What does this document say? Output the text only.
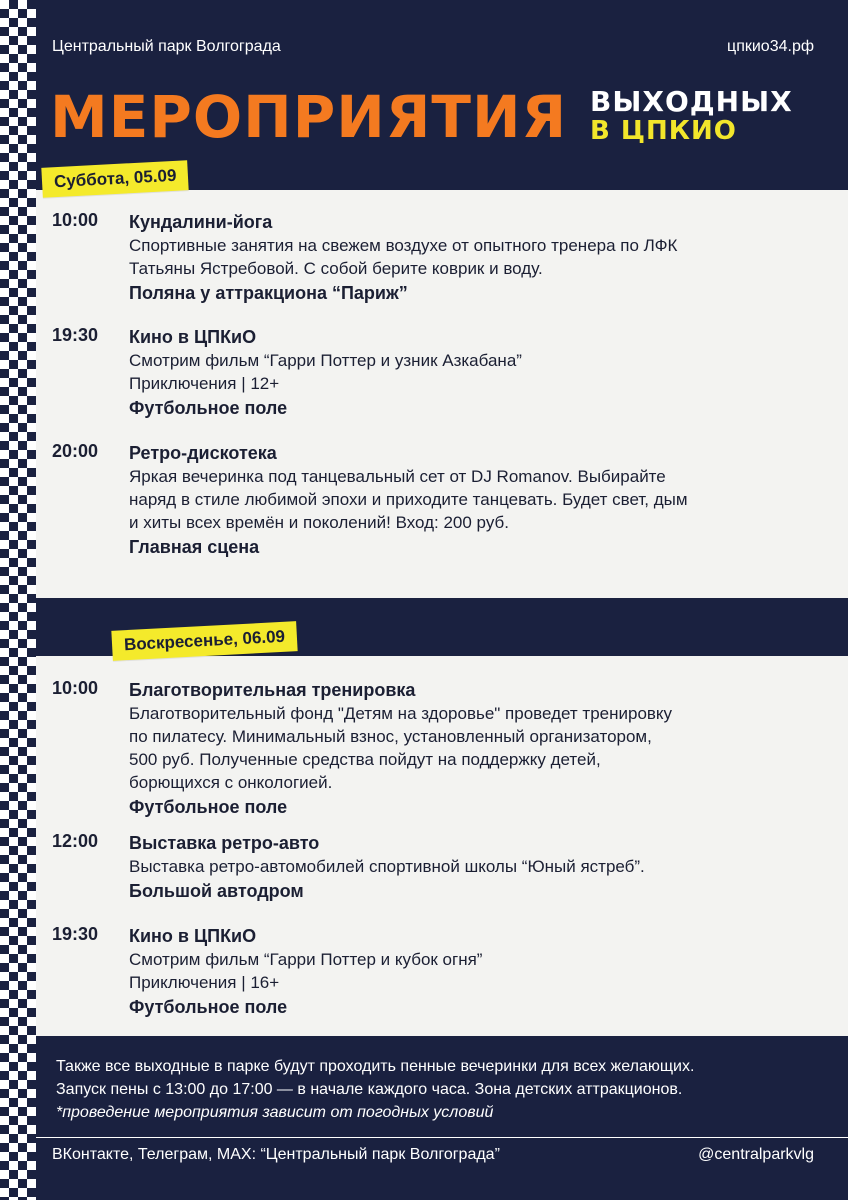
Центральный парк Волгограда	цпкио34.рф
МЕРОПРИЯТИЯ ВЫХОДНЫХ
В ЦПКИО
Суббота, 05.09
10:00	Кундалини-йога
Спортивные занятия на свежем воздухе от опытного тренера по ЛФК
Татьяны Ястребовой. С собой берите коврик и воду.
Поляна у аттракциона “Париж”
19:30	Кино в ЦПКиО
Смотрим фильм “Гарри Поттер и узник Азкабана”
Приключения | 12+
Футбольное поле
20:00	Ретро-дискотека
Яркая вечеринка под танцевальный сет от DJ Romanov. Выбирайте
наряд в стиле любимой эпохи и приходите танцевать. Будет свет, дым
и хиты всех времён и поколений! Вход: 200 руб.
Главная сцена
Воскресенье, 06.09
10:00	Благотворительная тренировка
Благотворительный фонд "Детям на здоровье" проведет тренировку
по пилатесу. Минимальный взнос, установленный организатором,
500 руб. Полученные средства пойдут на поддержку детей,
борющихся с онкологией.
Футбольное поле
12:00	Выставка ретро-авто
Выставка ретро-автомобилей спортивной школы “Юный ястреб”.
Большой автодром
19:30	Кино в ЦПКиО
Смотрим фильм “Гарри Поттер и кубок огня”
Приключения | 16+
Футбольное поле
Также все выходные в парке будут проходить пенные вечеринки для всех желающих.
Запуск пены с 13:00 до 17:00 — в начале каждого часа. Зона детских аттракционов.
*проведение мероприятия зависит от погодных условий
ВКонтакте, Телеграм, MAX: “Центральный парк Волгограда”	@centralparkvlg
